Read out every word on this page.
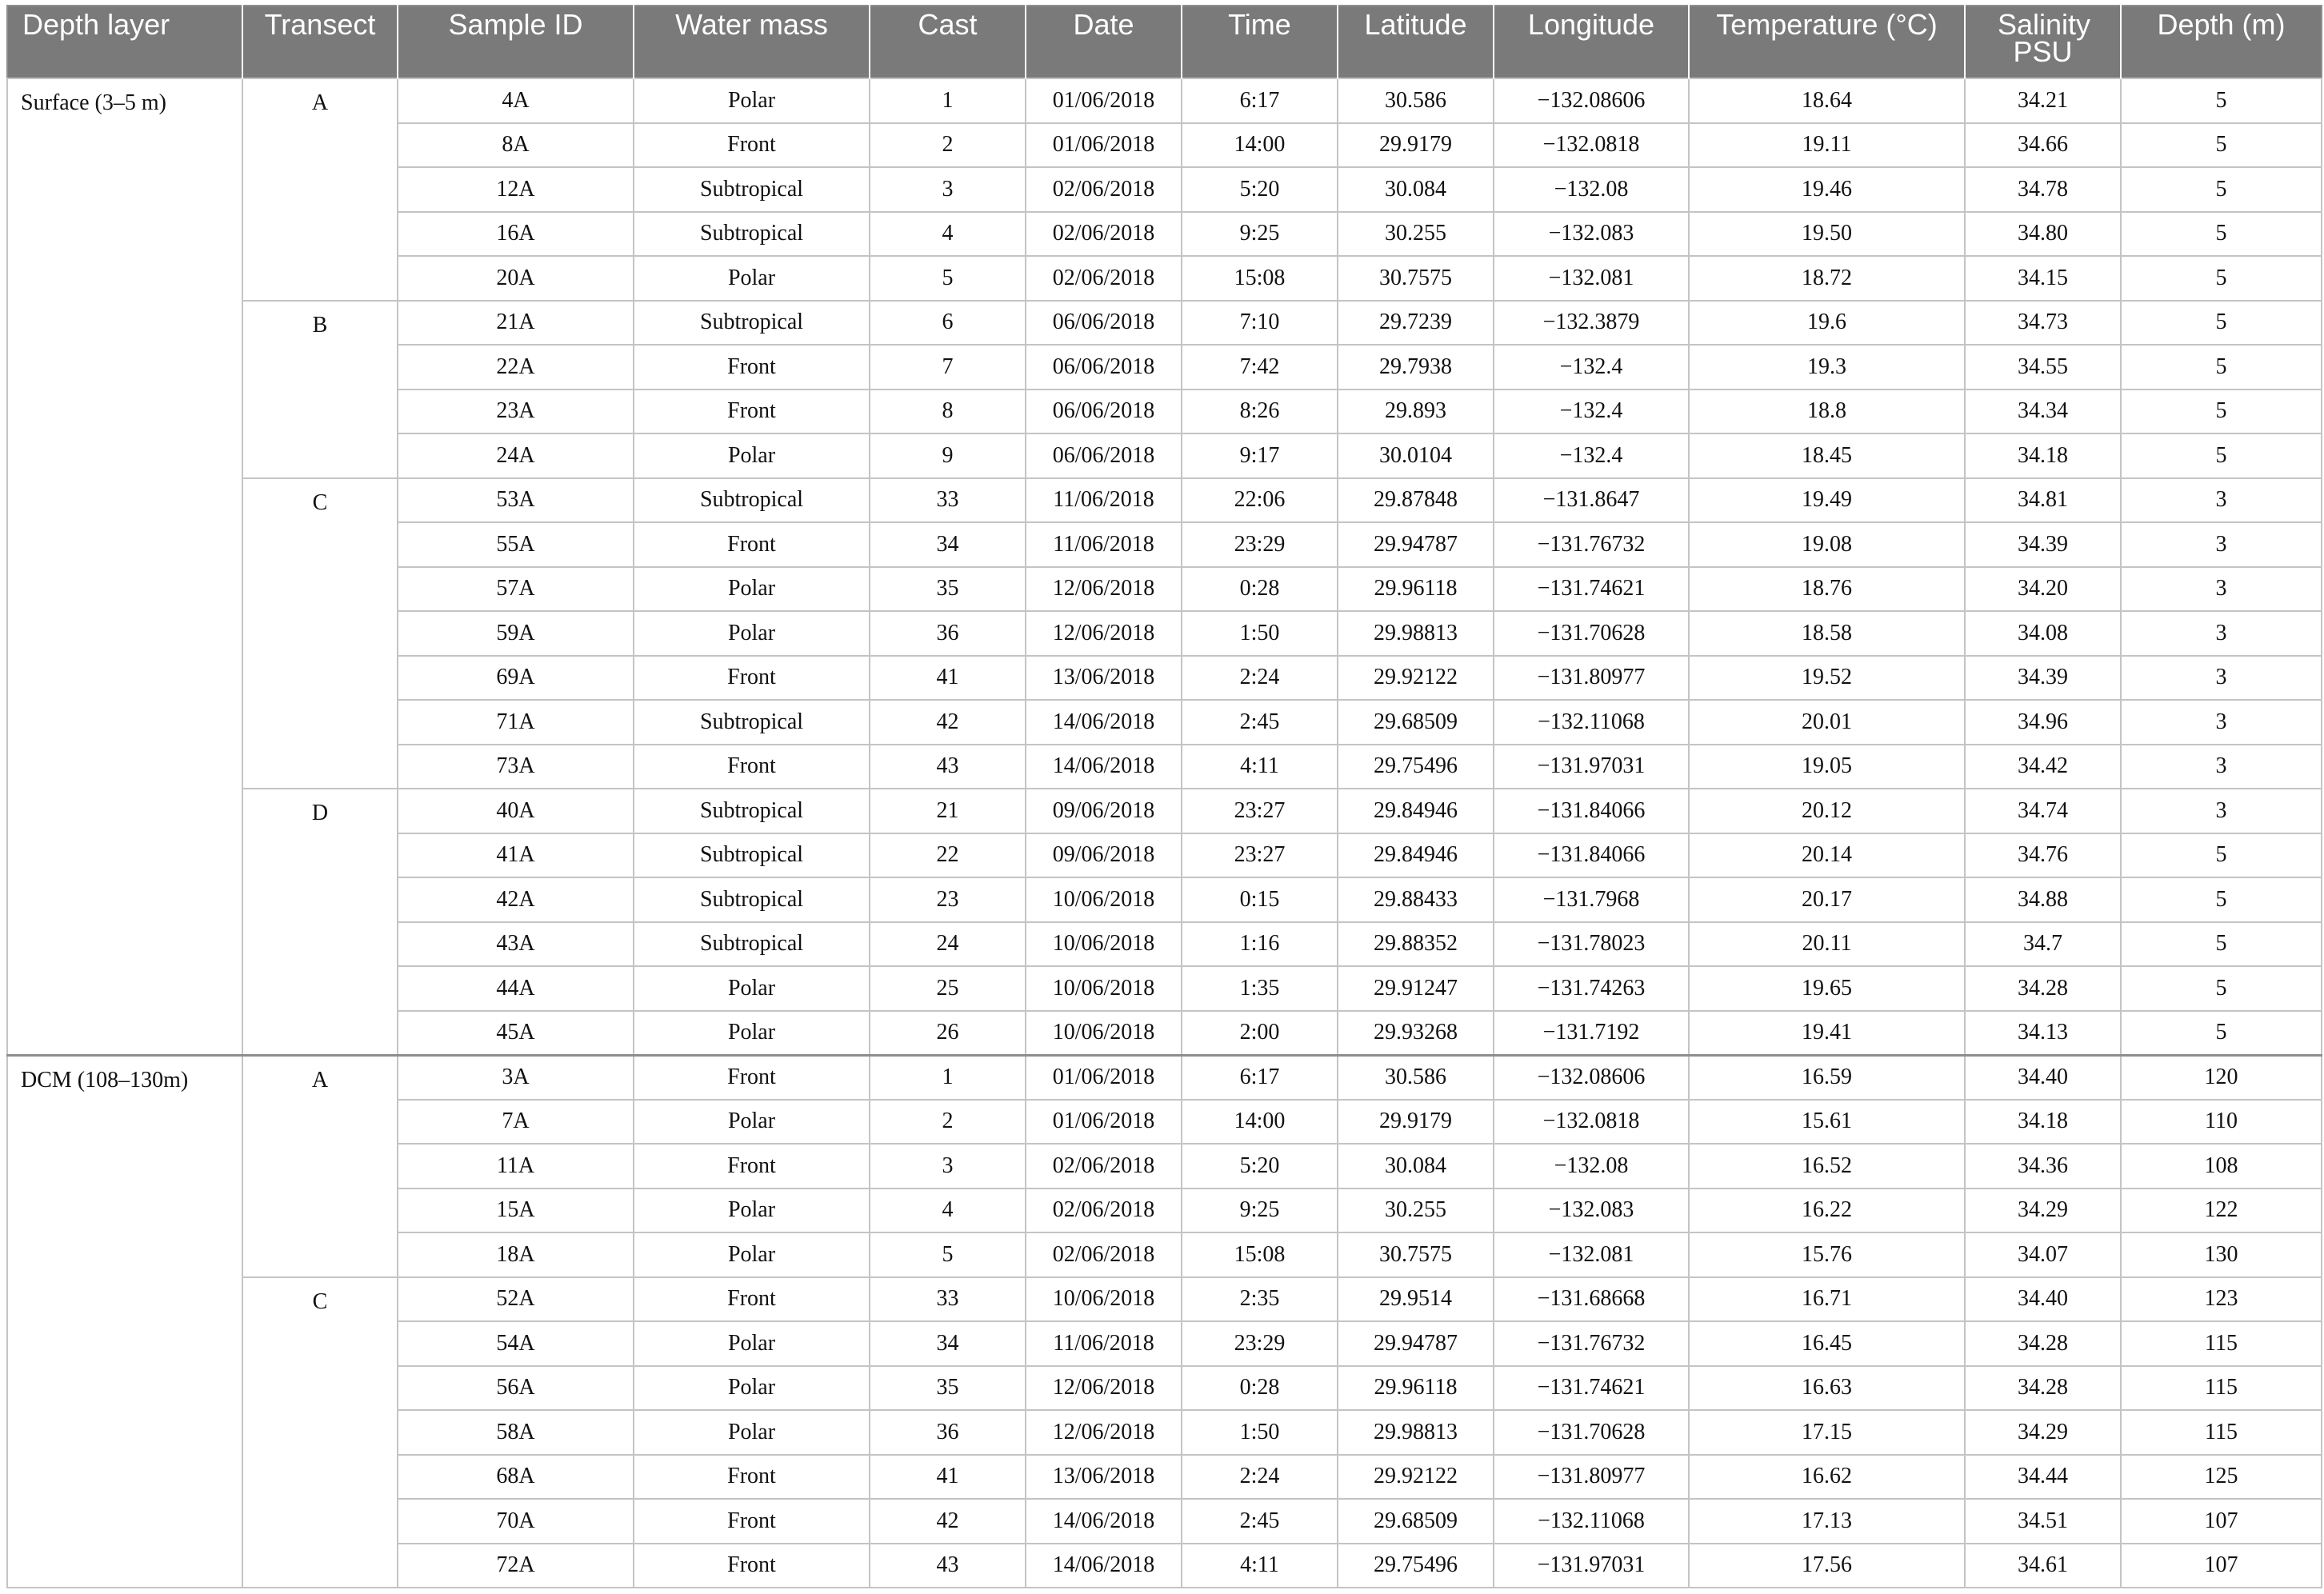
Depth layer	Transect	Sample ID	Water mass	Cast	Date	Time	Latitude	Longitude	Temperature (°C)	Salinity PSU	Depth (m)
Surface (3–5 m)	A	4A	Polar	1	01/06/2018	6:17	30.586	−132.08606	18.64	34.21	5
		8A	Front	2	01/06/2018	14:00	29.9179	−132.0818	19.11	34.66	5
		12A	Subtropical	3	02/06/2018	5:20	30.084	−132.08	19.46	34.78	5
		16A	Subtropical	4	02/06/2018	9:25	30.255	−132.083	19.50	34.80	5
		20A	Polar	5	02/06/2018	15:08	30.7575	−132.081	18.72	34.15	5
	B	21A	Subtropical	6	06/06/2018	7:10	29.7239	−132.3879	19.6	34.73	5
		22A	Front	7	06/06/2018	7:42	29.7938	−132.4	19.3	34.55	5
		23A	Front	8	06/06/2018	8:26	29.893	−132.4	18.8	34.34	5
		24A	Polar	9	06/06/2018	9:17	30.0104	−132.4	18.45	34.18	5
	C	53A	Subtropical	33	11/06/2018	22:06	29.87848	−131.8647	19.49	34.81	3
		55A	Front	34	11/06/2018	23:29	29.94787	−131.76732	19.08	34.39	3
		57A	Polar	35	12/06/2018	0:28	29.96118	−131.74621	18.76	34.20	3
		59A	Polar	36	12/06/2018	1:50	29.98813	−131.70628	18.58	34.08	3
		69A	Front	41	13/06/2018	2:24	29.92122	−131.80977	19.52	34.39	3
		71A	Subtropical	42	14/06/2018	2:45	29.68509	−132.11068	20.01	34.96	3
		73A	Front	43	14/06/2018	4:11	29.75496	−131.97031	19.05	34.42	3
	D	40A	Subtropical	21	09/06/2018	23:27	29.84946	−131.84066	20.12	34.74	3
		41A	Subtropical	22	09/06/2018	23:27	29.84946	−131.84066	20.14	34.76	5
		42A	Subtropical	23	10/06/2018	0:15	29.88433	−131.7968	20.17	34.88	5
		43A	Subtropical	24	10/06/2018	1:16	29.88352	−131.78023	20.11	34.7	5
		44A	Polar	25	10/06/2018	1:35	29.91247	−131.74263	19.65	34.28	5
		45A	Polar	26	10/06/2018	2:00	29.93268	−131.7192	19.41	34.13	5
DCM (108–130m)	A	3A	Front	1	01/06/2018	6:17	30.586	−132.08606	16.59	34.40	120
		7A	Polar	2	01/06/2018	14:00	29.9179	−132.0818	15.61	34.18	110
		11A	Front	3	02/06/2018	5:20	30.084	−132.08	16.52	34.36	108
		15A	Polar	4	02/06/2018	9:25	30.255	−132.083	16.22	34.29	122
		18A	Polar	5	02/06/2018	15:08	30.7575	−132.081	15.76	34.07	130
	C	52A	Front	33	10/06/2018	2:35	29.9514	−131.68668	16.71	34.40	123
		54A	Polar	34	11/06/2018	23:29	29.94787	−131.76732	16.45	34.28	115
		56A	Polar	35	12/06/2018	0:28	29.96118	−131.74621	16.63	34.28	115
		58A	Polar	36	12/06/2018	1:50	29.98813	−131.70628	17.15	34.29	115
		68A	Front	41	13/06/2018	2:24	29.92122	−131.80977	16.62	34.44	125
		70A	Front	42	14/06/2018	2:45	29.68509	−132.11068	17.13	34.51	107
		72A	Front	43	14/06/2018	4:11	29.75496	−131.97031	17.56	34.61	107
